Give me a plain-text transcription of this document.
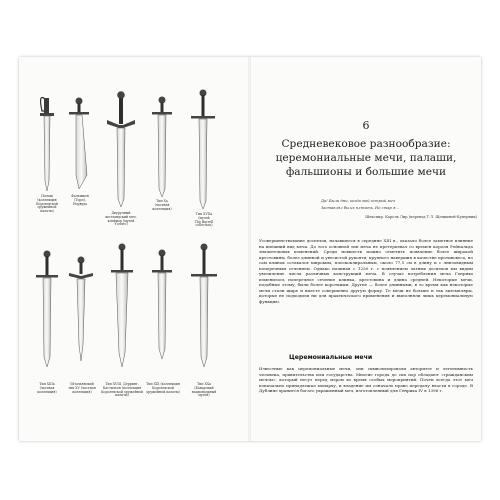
Палаш
(коллекция
Королевской
оружейной
палаты)
Фальшион
(Торп),
Норвуда
Двуручный
шотландский меч,
клеймор (музей
Уоллес)
Тип Xa
(частная
коллекция)
Тип XVIIa
(музей
The Burrell
collection)
Тип XIIIa
(частная
коллекция)
(Итальянский
тип XV (частная
коллекция)
Тип XVIII, Дерринг,
Кастильон (коллекция
Королевской оружейной
палаты)
Тип XIX (коллекция
Королевской
оружейной палаты)
Тип XXa
(Баварский
национальный
музей)
6
Средневековое разнообразие: церемониальные мечи, палаши, фальшионы и большие мечи
Да! Были дни, когда мой острый меч
Заставлял бы их плясать. Но стар я...
Шекспир. Король Лир (перевод Т.Л. Щепкиной-Куперник)
Усовершенствование доспехов, начавшееся в середине XIII в., оказало более заметное влияние на внешний вид меча. До того основной тип меча не претерпевал со времен короля Рейнальда значительных изменений. Среди новшеств можно отметить появление более широкой крестовины, более длинной и увесистой рукояти, крупного навершия в качестве противовеса, но сам клинок оставался широким, плоскоклиральным, около 77,5 см в длину и с линзовидным поперечным сечением. Однако начиная с 1250 г. с появлением латных доспехов мы видим увеличение числа различных конструкций меча. В случае потребления меча Генриха изменилось поперечное сечение клинка, крестовина и длина средней. Некоторые мечи, подобные этому, были более короткими. Другие — более длинными, в то время как некоторые мечи стали шире и вместе совершенно другую форму. Те мечи не больше и так экземпляры, которые не подходили ни для практического применения и выполняли лишь церемониальную функцию.
Церемониальные мечи
Известные как церемониальные мечи, они символизировали авторитет и легитимность человека, правительства или государства. Многие города до сих пор обладают «гражданским мечом», который несут перед мэром во время особых мероприятий. Почти всегда этот меч изначально принадлежал монарху, и владение им означало право передачу власти в городе. В Дублине хранится богато украшенный меч, изготовленный для Генриха IV в 1396 г.
